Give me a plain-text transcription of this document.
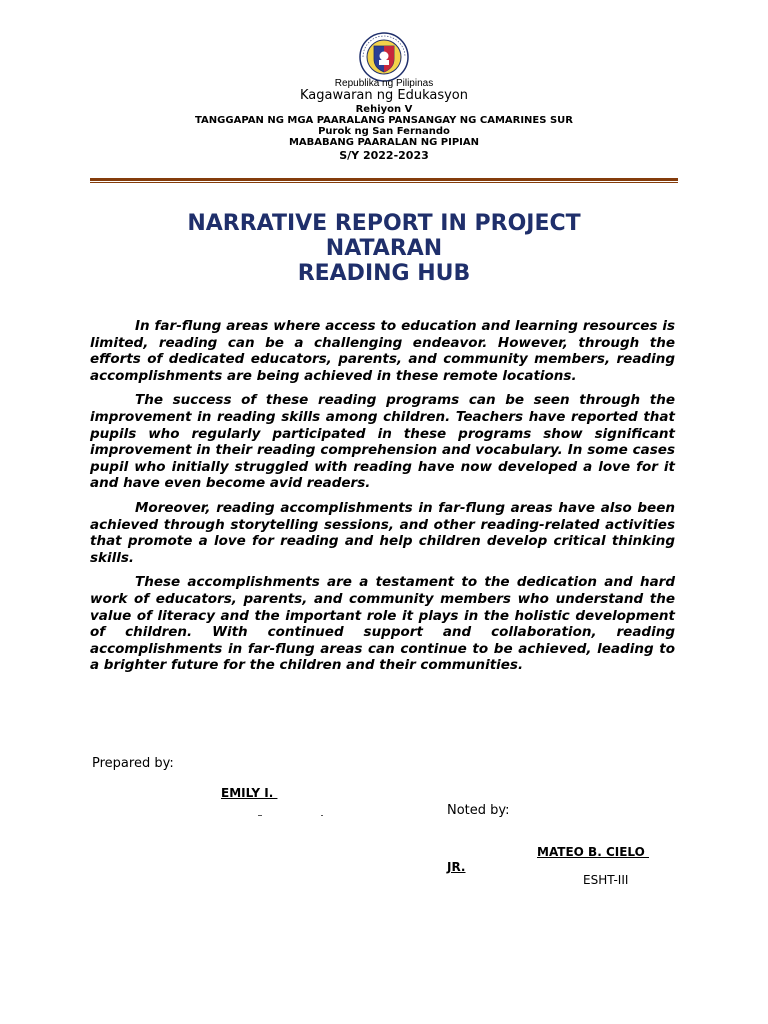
Republika ng Pilipinas
Kagawaran ng Edukasyon
Rehiyon V
TANGGAPAN NG MGA PAARALANG PANSANGAY NG CAMARINES SUR
Purok ng San Fernando
MABABANG PAARALAN NG PIPIAN
S/Y 2022-2023
NARRATIVE REPORT IN PROJECT
NATARAN
READING HUB

In far-flung areas where access to education and learning resources is limited, reading can be a challenging endeavor. However, through the efforts of dedicated educators, parents, and community members, reading accomplishments are being achieved in these remote locations.

The success of these reading programs can be seen through the improvement in reading skills among children. Teachers have reported that pupils who regularly participated in these programs show significant improvement in their reading comprehension and vocabulary. In some cases pupil who initially struggled with reading have now developed a love for it and have even become avid readers.

Moreover, reading accomplishments in far-flung areas have also been achieved through storytelling sessions, and other reading-related activities that promote a love for reading and help children develop critical thinking skills.

These accomplishments are a testament to the dedication and hard work of educators, parents, and community members who understand the value of literacy and the important role it plays in the holistic development of children. With continued support and collaboration, reading accomplishments in far-flung areas can continue to be achieved, leading to a brighter future for the children and their communities.

Prepared by:
EMILY I.
Noted by:
MATEO B. CIELO
JR.
ESHT-III
